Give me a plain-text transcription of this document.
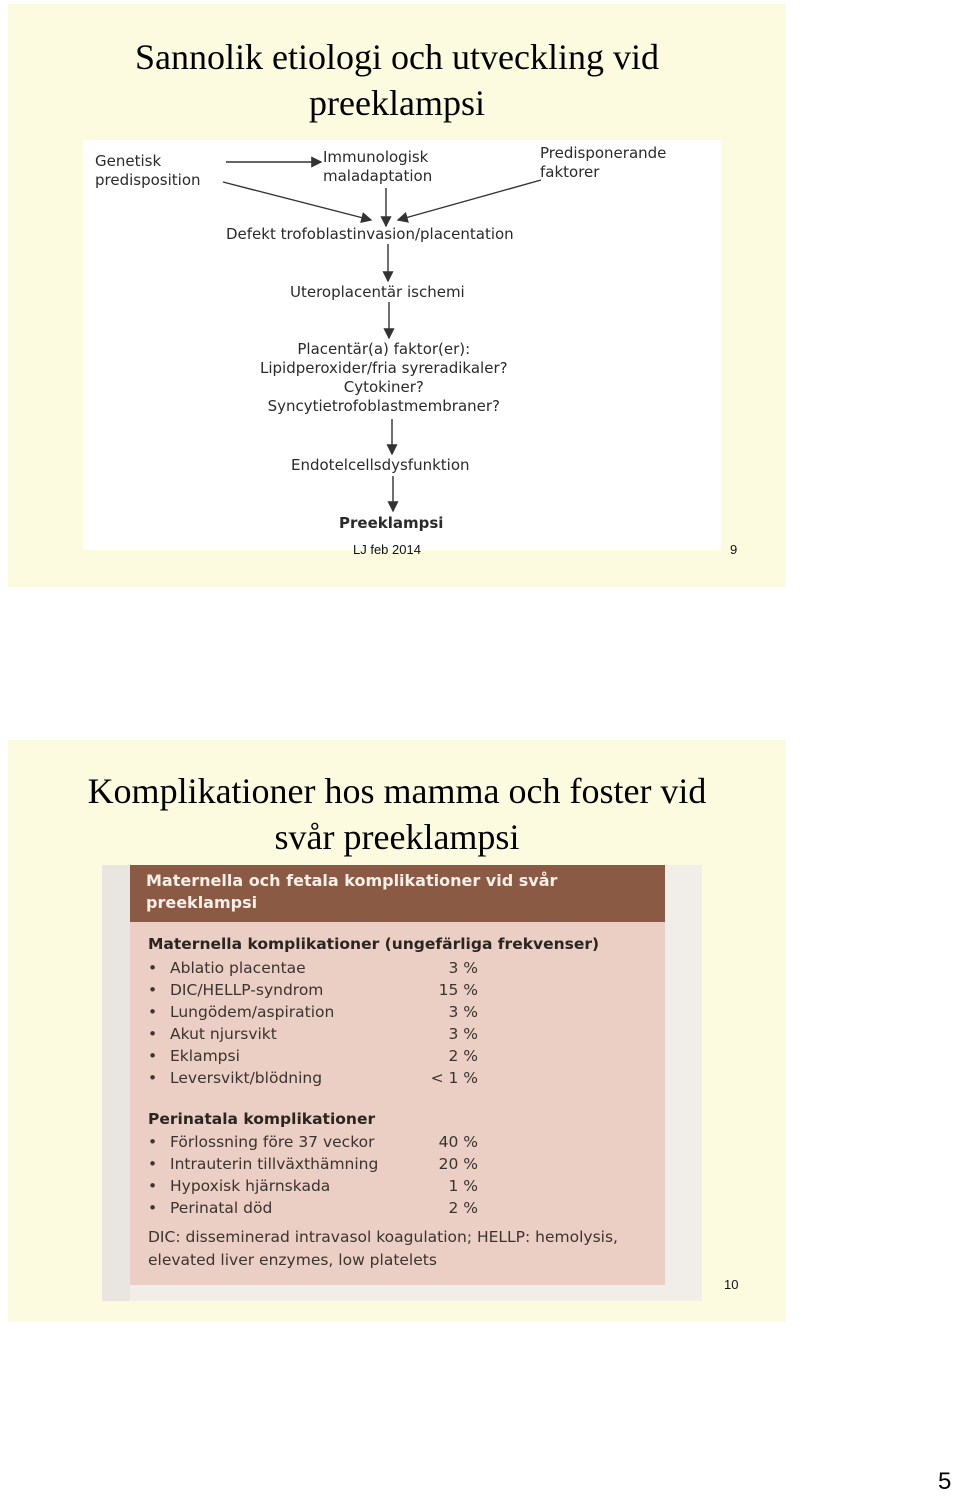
Sannolik etiologi och utveckling vid
preeklampsi
Genetisk
predisposition
Immunologisk
maladaptation
Predisponerande
faktorer
Defekt trofoblastinvasion/placentation
Uteroplacentär ischemi
Placentär(a) faktor(er):
Lipidperoxider/fria syreradikaler?
Cytokiner?
Syncytietrofoblastmembraner?
Endotelcellsdysfunktion
Preeklampsi
LJ feb 2014	9
Komplikationer hos mamma och foster vid
svår preeklampsi
Maternella och fetala komplikationer vid svår
preeklampsi
Maternella komplikationer (ungefärliga frekvenser)
• Ablatio placentae	3 %
• DIC/HELLP-syndrom	15 %
• Lungödem/aspiration	3 %
• Akut njursvikt	3 %
• Eklampsi	2 %
• Leversvikt/blödning	< 1 %
Perinatala komplikationer
• Förlossning före 37 veckor	40 %
• Intrauterin tillväxthämning	20 %
• Hypoxisk hjärnskada	1 %
• Perinatal död	2 %
DIC: disseminerad intravasol koagulation; HELLP: hemolysis,
elevated liver enzymes, low platelets
10
5
